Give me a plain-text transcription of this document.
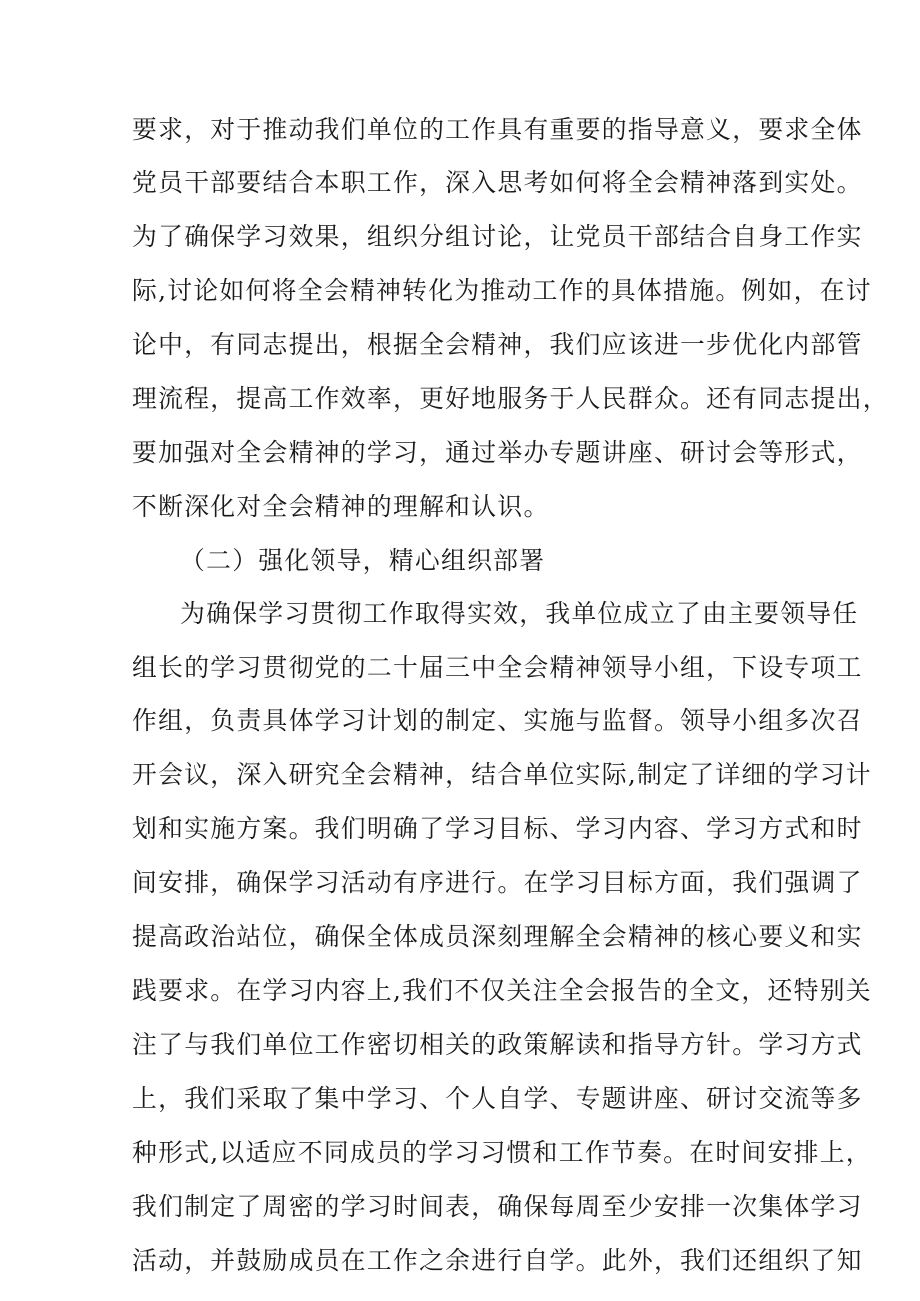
要求，对于推动我们单位的工作具有重要的指导意义，要求全体
党员干部要结合本职工作，深入思考如何将全会精神落到实处。
为了确保学习效果，组织分组讨论，让党员干部结合自身工作实
际,讨论如何将全会精神转化为推动工作的具体措施。例如，在讨
论中，有同志提出，根据全会精神，我们应该进一步优化内部管
理流程，提高工作效率，更好地服务于人民群众。还有同志提出，
要加强对全会精神的学习，通过举办专题讲座、研讨会等形式，
不断深化对全会精神的理解和认识。
（二）强化领导，精心组织部署
为确保学习贯彻工作取得实效，我单位成立了由主要领导任
组长的学习贯彻党的二十届三中全会精神领导小组，下设专项工
作组，负责具体学习计划的制定、实施与监督。领导小组多次召
开会议，深入研究全会精神，结合单位实际,制定了详细的学习计
划和实施方案。我们明确了学习目标、学习内容、学习方式和时
间安排，确保学习活动有序进行。在学习目标方面，我们强调了
提高政治站位，确保全体成员深刻理解全会精神的核心要义和实
践要求。在学习内容上,我们不仅关注全会报告的全文，还特别关
注了与我们单位工作密切相关的政策解读和指导方针。学习方式
上，我们采取了集中学习、个人自学、专题讲座、研讨交流等多
种形式,以适应不同成员的学习习惯和工作节奏。在时间安排上，
我们制定了周密的学习时间表，确保每周至少安排一次集体学习
活动，并鼓励成员在工作之余进行自学。此外，我们还组织了知
